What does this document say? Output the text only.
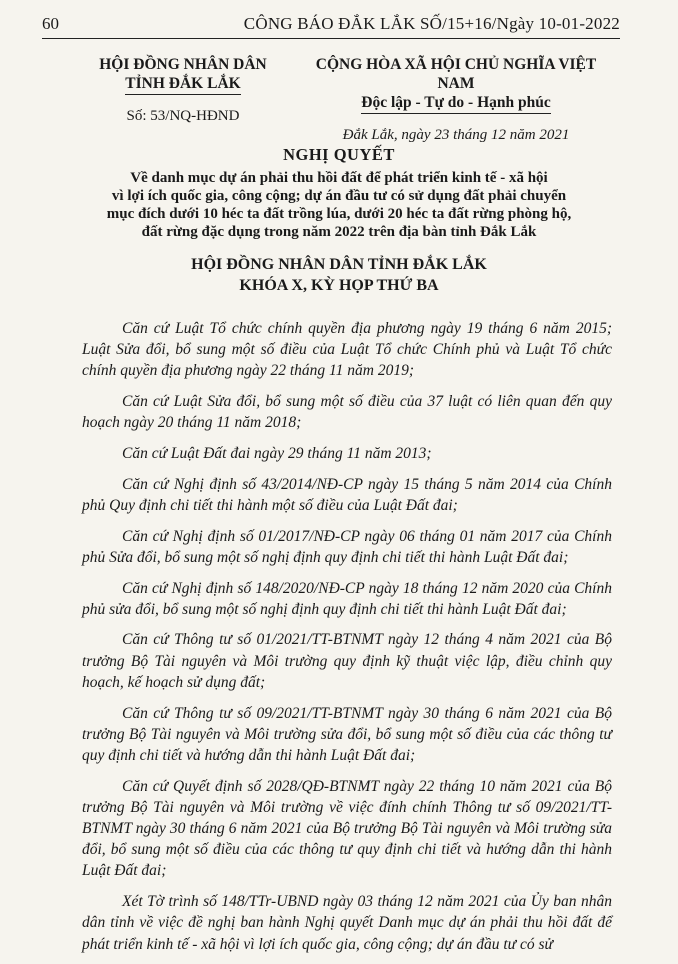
60	CÔNG BÁO ĐẮK LẮK SỐ/15+16/Ngày 10-01-2022
HỘI ĐỒNG NHÂN DÂN
TỈNH ĐẮK LẮK
Số: 53/NQ-HĐND
CỘNG HÒA XÃ HỘI CHỦ NGHĨA VIỆT NAM
Độc lập - Tự do - Hạnh phúc
Đắk Lắk, ngày 23 tháng 12 năm 2021
NGHỊ QUYẾT
Về danh mục dự án phải thu hồi đất để phát triển kinh tế - xã hội
vì lợi ích quốc gia, công cộng; dự án đầu tư có sử dụng đất phải chuyển
mục đích dưới 10 héc ta đất trồng lúa, dưới 20 héc ta đất rừng phòng hộ,
đất rừng đặc dụng trong năm 2022 trên địa bàn tỉnh Đắk Lắk
HỘI ĐỒNG NHÂN DÂN TỈNH ĐẮK LẮK
KHÓA X, KỲ HỌP THỨ BA

Căn cứ Luật Tổ chức chính quyền địa phương ngày 19 tháng 6 năm 2015; Luật Sửa đổi, bổ sung một số điều của Luật Tổ chức Chính phủ và Luật Tổ chức chính quyền địa phương ngày 22 tháng 11 năm 2019;

Căn cứ Luật Sửa đổi, bổ sung một số điều của 37 luật có liên quan đến quy hoạch ngày 20 tháng 11 năm 2018;

Căn cứ Luật Đất đai ngày 29 tháng 11 năm 2013;

Căn cứ Nghị định số 43/2014/NĐ-CP ngày 15 tháng 5 năm 2014 của Chính phủ Quy định chi tiết thi hành một số điều của Luật Đất đai;

Căn cứ Nghị định số 01/2017/NĐ-CP ngày 06 tháng 01 năm 2017 của Chính phủ Sửa đổi, bổ sung một số nghị định quy định chi tiết thi hành Luật Đất đai;

Căn cứ Nghị định số 148/2020/NĐ-CP ngày 18 tháng 12 năm 2020 của Chính phủ sửa đổi, bổ sung một số nghị định quy định chi tiết thi hành Luật Đất đai;

Căn cứ Thông tư số 01/2021/TT-BTNMT ngày 12 tháng 4 năm 2021 của Bộ trưởng Bộ Tài nguyên và Môi trường quy định kỹ thuật việc lập, điều chỉnh quy hoạch, kế hoạch sử dụng đất;

Căn cứ Thông tư số 09/2021/TT-BTNMT ngày 30 tháng 6 năm 2021 của Bộ trưởng Bộ Tài nguyên và Môi trường sửa đổi, bổ sung một số điều của các thông tư quy định chi tiết và hướng dẫn thi hành Luật Đất đai;

Căn cứ Quyết định số 2028/QĐ-BTNMT ngày 22 tháng 10 năm 2021 của Bộ trưởng Bộ Tài nguyên và Môi trường về việc đính chính Thông tư số 09/2021/TT-BTNMT ngày 30 tháng 6 năm 2021 của Bộ trưởng Bộ Tài nguyên và Môi trường sửa đổi, bổ sung một số điều của các thông tư quy định chi tiết và hướng dẫn thi hành Luật Đất đai;

Xét Tờ trình số 148/TTr-UBND ngày 03 tháng 12 năm 2021 của Ủy ban nhân dân tỉnh về việc đề nghị ban hành Nghị quyết Danh mục dự án phải thu hồi đất để phát triển kinh tế - xã hội vì lợi ích quốc gia, công cộng; dự án đầu tư có sử
